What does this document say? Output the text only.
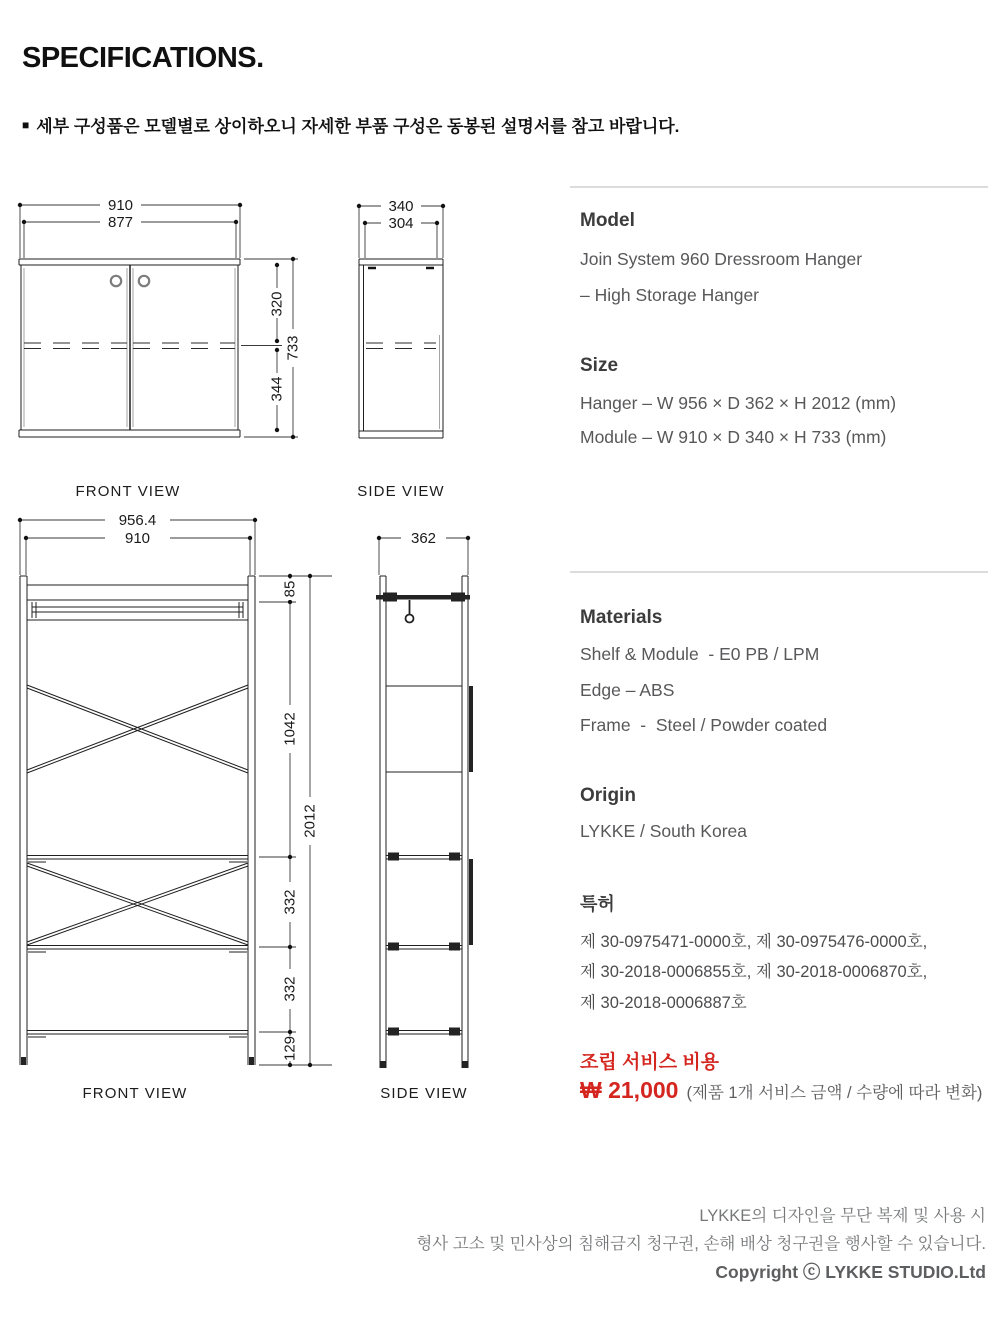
SPECIFICATIONS.
■ 세부 구성품은 모델별로 상이하오니 자세한 부품 구성은 동봉된 설명서를 참고 바랍니다.
910
877
320
344
733
FRONT VIEW
340
304
SIDE VIEW
956.4
910
85
1042
332
332
129
2012
FRONT VIEW
362
SIDE VIEW
Model
Join System 960 Dressroom Hanger
– High Storage Hanger
Size
Hanger – W 956 × D 362 × H 2012 (mm)
Module – W 910 × D 340 × H 733 (mm)
Materials
Shelf & Module  - E0 PB / LPM
Edge – ABS
Frame  -  Steel / Powder coated
Origin
LYKKE / South Korea
특허
제 30-0975471-0000호, 제 30-0975476-0000호,
제 30-2018-0006855호, 제 30-2018-0006870호,
제 30-2018-0006887호
조립 서비스 비용
₩ 21,000 (제품 1개 서비스 금액 / 수량에 따라 변화)
LYKKE의 디자인을 무단 복제 및 사용 시
형사 고소 및 민사상의 침해금지 청구권, 손해 배상 청구권을 행사할 수 있습니다.
Copyright ⓒ LYKKE STUDIO.Ltd
